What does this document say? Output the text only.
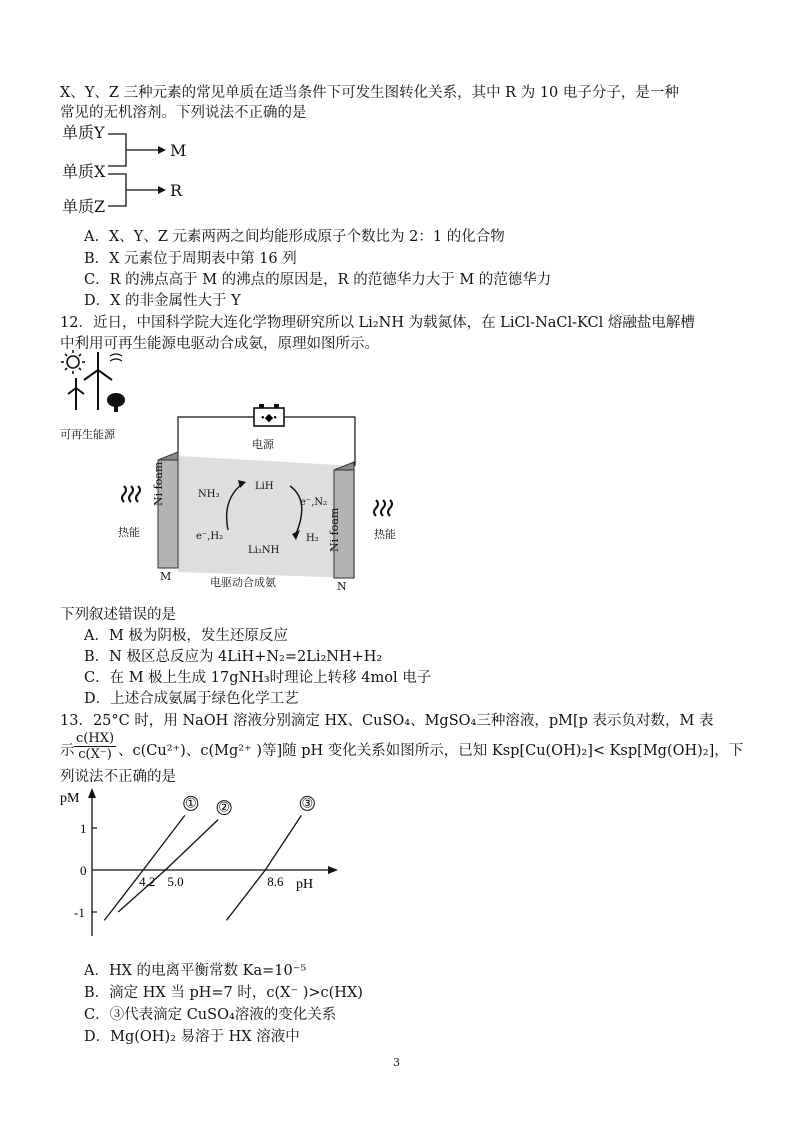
X、Y、Z 三种元素的常见单质在适当条件下可发生图转化关系，其中 R 为 10 电子分子，是一种
常见的无机溶剂。下列说法不正确的是
单质Y
单质X
单质Z
M
R
A．X、Y、Z 元素两两之间均能形成原子个数比为 2：1 的化合物
B．X 元素位于周期表中第 16 列
C．R 的沸点高于 M 的沸点的原因是，R 的范德华力大于 M 的范德华力
D．X 的非金属性大于 Y
12．近日，中国科学院大连化学物理研究所以 Li₂NH 为载氮体，在 LiCl-NaCl-KCl 熔融盐电解槽
中利用可再生能源电驱动合成氨，原理如图所示。
可再生能源
•◆•
电源
Ni foam
Ni foam
NH₃
LiH
Li₂NH
e⁻,H₂
e⁻,N₂
H₂
热能	热能
M
N
电驱动合成氨
下列叙述错误的是
A．M 极为阴极，发生还原反应
B．N 极区总反应为 4LiH+N₂=2Li₂NH+H₂
C．在 M 极上生成 17gNH₃时理论上转移 4mol 电子
D．上述合成氨属于绿色化学工艺
13．25°C 时，用 NaOH 溶液分别滴定 HX、CuSO₄、MgSO₄三种溶液，pM[p 表示负对数，M 表
示 $\frac{c(HX)}{c(X^-)}$ 、c(Cu²⁺)、c(Mg²⁺ )等]随 pH 变化关系如图所示，已知 Ksp[Cu(OH)₂]< Ksp[Mg(OH)₂]，下
列说法不正确的是
pM
pH
1
0
-1
4.2 5.0	8.6
① ②	③
A．HX 的电离平衡常数 Ka=10⁻⁵
B．滴定 HX 当 pH=7 时，c(X⁻ )>c(HX)
C．③代表滴定 CuSO₄溶液的变化关系
D．Mg(OH)₂ 易溶于 HX 溶液中
3
